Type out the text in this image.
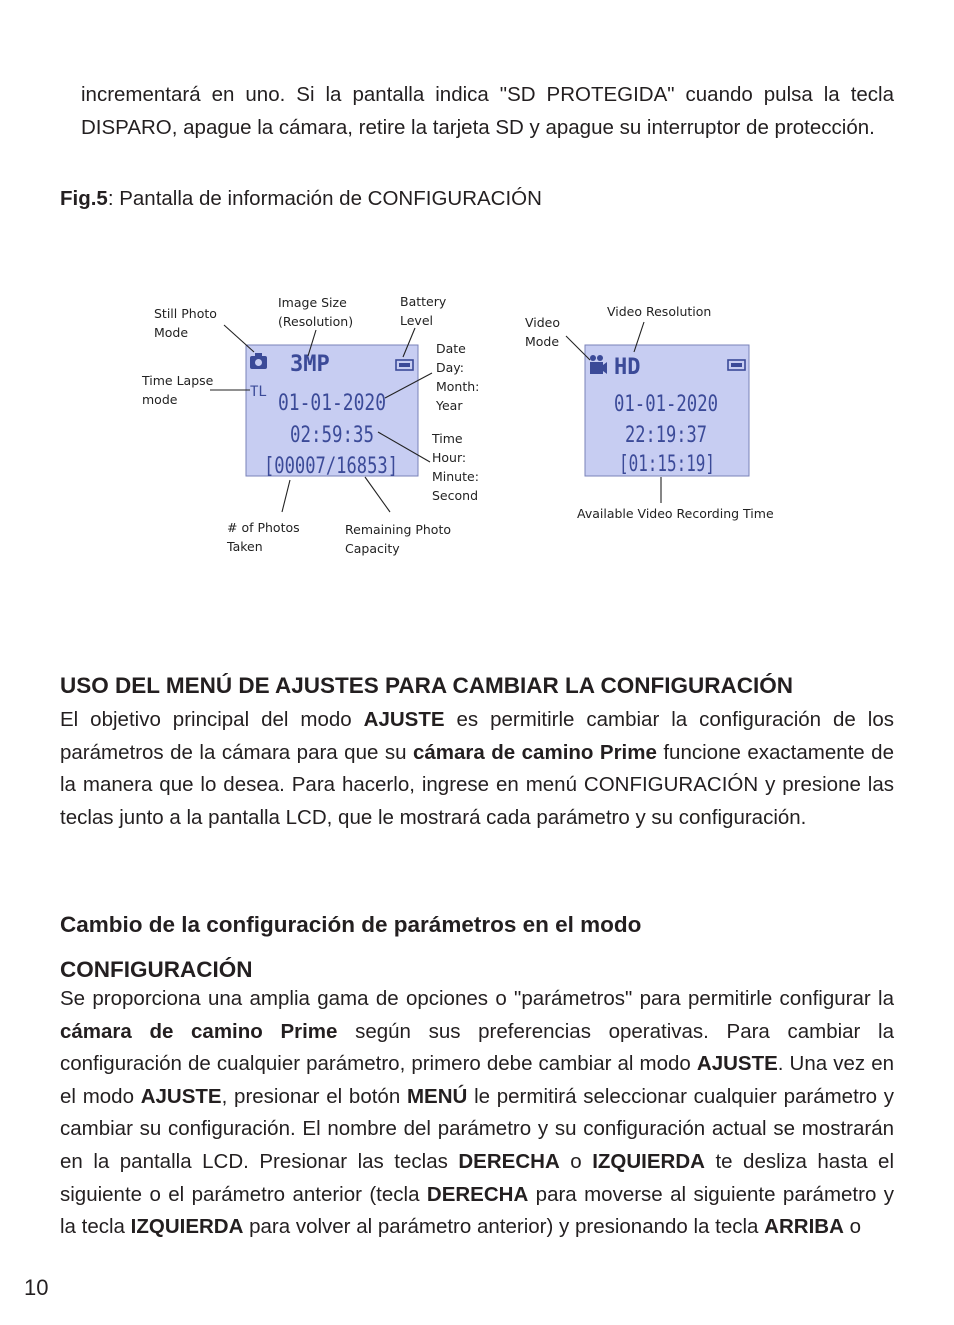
incrementará en uno. Si la pantalla indica "SD PROTEGIDA" cuando pulsa la tecla DISPARO, apague la cámara, retire la tarjeta SD y apague su interruptor de protección.
Fig.5: Pantalla de información de CONFIGURACIÓN
3MP
TL 01-01-2020
02:59:35
[00007/16853]
HD
01-01-2020
22:19:37
[01:15:19]
Still Photo
Mode
Image Size
(Resolution)
Battery
Level
Date
Day:
Month:
Year
Time Lapse
mode
Time
Hour:
Minute:
Second
# of Photos
Taken
Remaining Photo
Capacity
Video
Mode
Video Resolution
Available Video Recording Time
USO DEL MENÚ DE AJUSTES PARA CAMBIAR LA CONFIGURACIÓN
El objetivo principal del modo AJUSTE es permitirle cambiar la configuración de los parámetros de la cámara para que su cámara de camino Prime funcione exactamente de la manera que lo desea. Para hacerlo, ingrese en menú CONFIGURACIÓN y presione las teclas junto a la pantalla LCD, que le mostrará cada parámetro y su configuración.
Cambio de la configuración de parámetros en el modo
CONFIGURACIÓN
Se proporciona una amplia gama de opciones o "parámetros" para permitirle configurar la cámara de camino Prime según sus preferencias operativas. Para cambiar la configuración de cualquier parámetro, primero debe cambiar al modo AJUSTE. Una vez en el modo AJUSTE, presionar el botón MENÚ le permitirá seleccionar cualquier parámetro y cambiar su configuración. El nombre del parámetro y su configuración actual se mostrarán en la pantalla LCD. Presionar las teclas DERECHA o IZQUIERDA te desliza hasta el siguiente o el parámetro anterior (tecla DERECHA para moverse al siguiente parámetro y la tecla IZQUIERDA para volver al parámetro anterior) y presionando la tecla ARRIBA o
10
